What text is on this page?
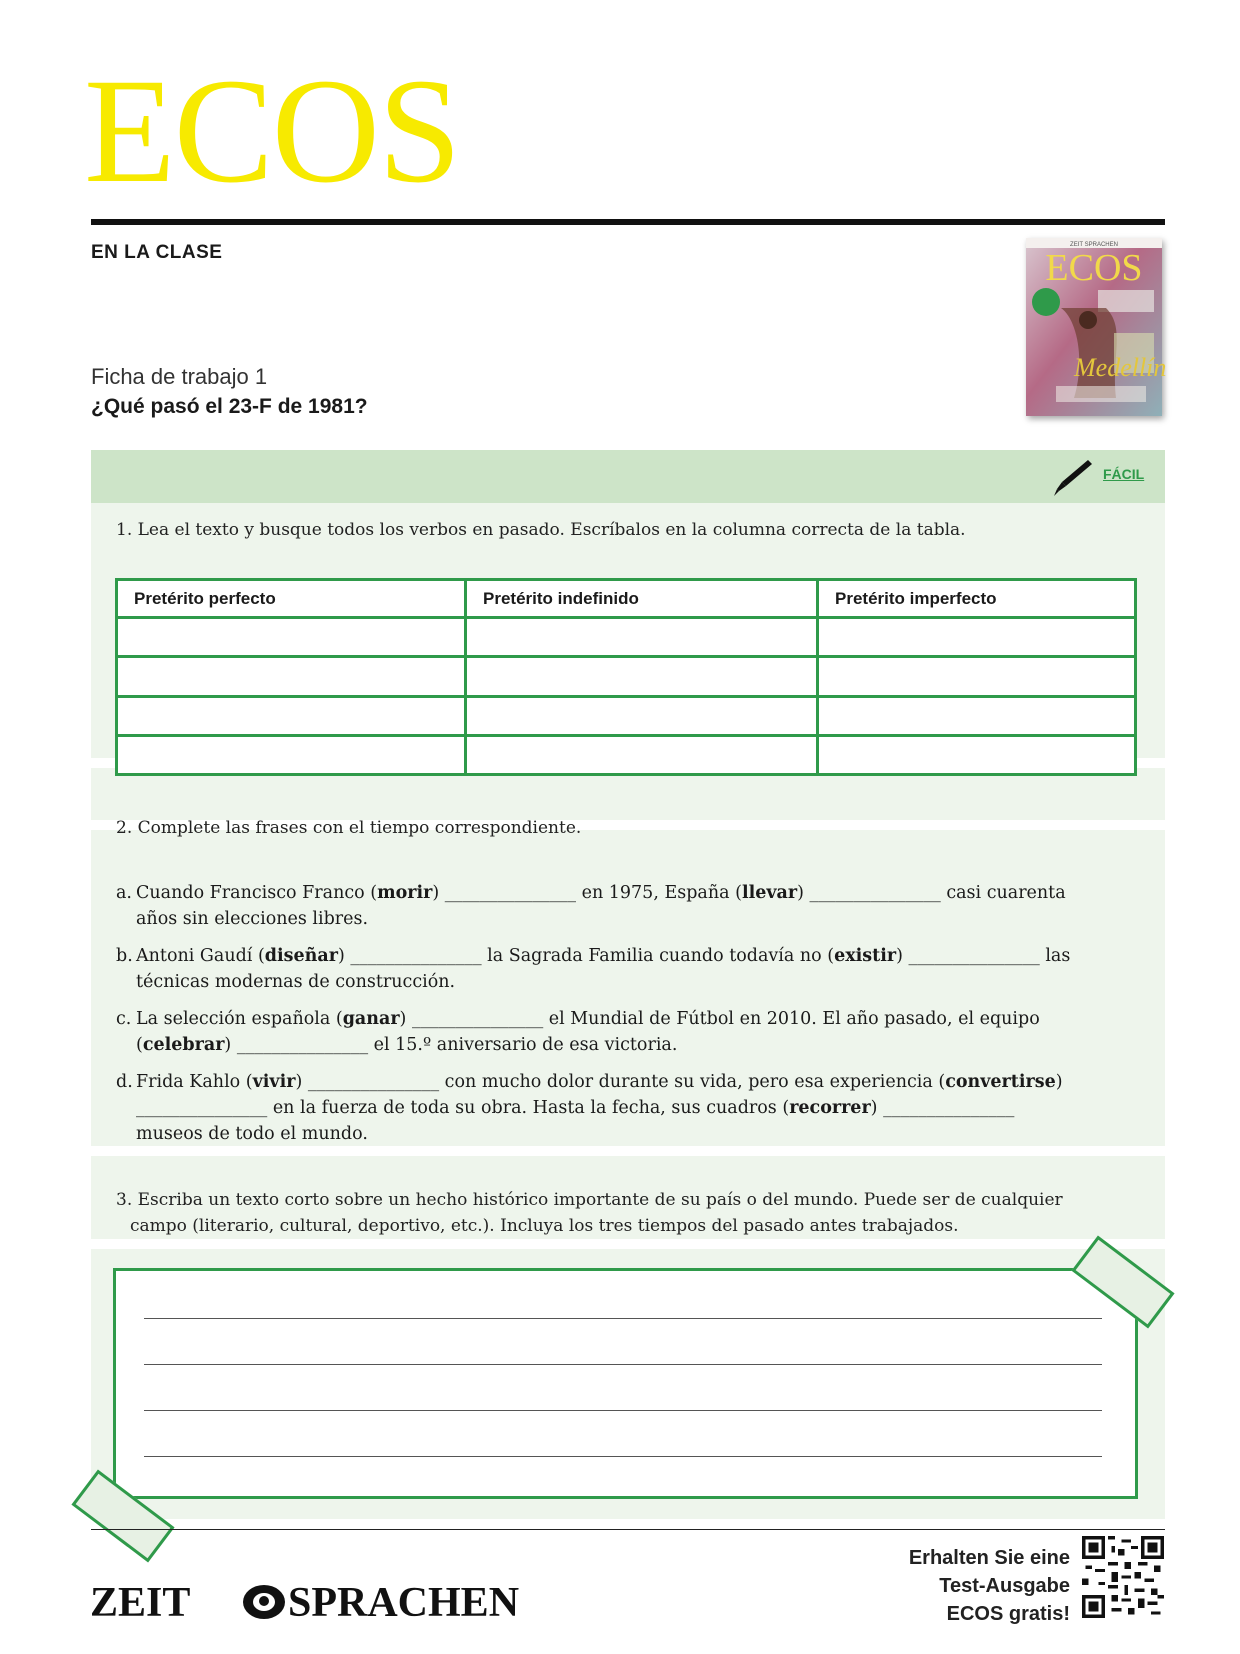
ECOS
EN LA CLASE	ZEIT SPRACHEN
ECOS
Medellín
Ficha de trabajo 1
¿Qué pasó el 23-F de 1981?
FÁCIL
1. Lea el texto y busque todos los verbos en pasado. Escríbalos en la columna correcta de la tabla.
Pretérito perfecto	Pretérito indefinido	Pretérito imperfecto

2. Complete las frases con el tiempo correspondiente.
a. Cuando Francisco Franco (morir) _______________ en 1975, España (llevar) _______________ casi cuarenta años sin elecciones libres.
b. Antoni Gaudí (diseñar) _______________ la Sagrada Familia cuando todavía no (existir) _______________ las técnicas modernas de construcción.
c. La selección española (ganar) _______________ el Mundial de Fútbol en 2010. El año pasado, el equipo (celebrar) _______________ el 15.º aniversario de esa victoria.
d. Frida Kahlo (vivir) _______________ con mucho dolor durante su vida, pero esa experiencia (convertirse) _______________ en la fuerza de toda su obra. Hasta la fecha, sus cuadros (recorrer) _______________ museos de todo el mundo.
3. Escriba un texto corto sobre un hecho histórico importante de su país o del mundo. Puede ser de cualquier campo (literario, cultural, deportivo, etc.). Incluya los tres tiempos del pasado antes trabajados.
ZEIT SPRACHEN
Erhalten Sie eine
Test-Ausgabe
ECOS gratis!
